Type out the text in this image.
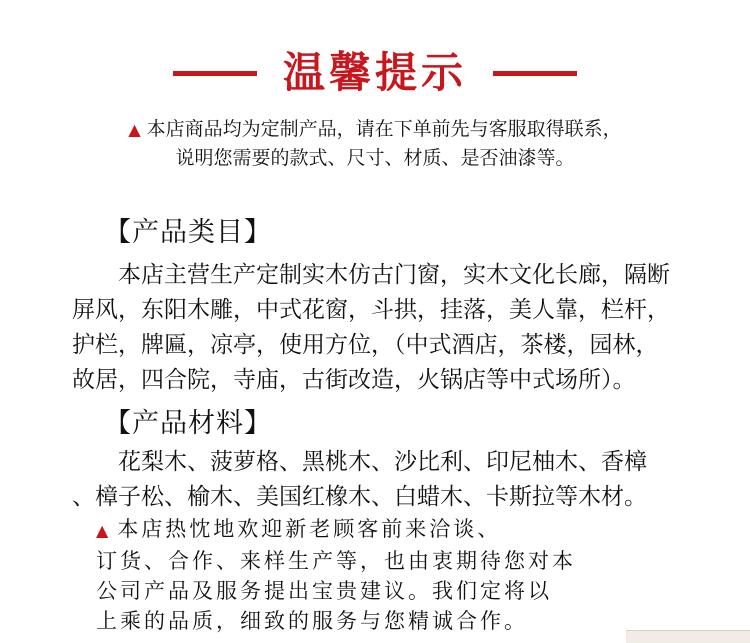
温馨提示
▲ 本店商品均为定制产品，请在下单前先与客服取得联系，
说明您需要的款式、尺寸、材质、是否油漆等。
【产品类目】
本店主营生产定制实木仿古门窗，实木文化长廊，隔断
屏风，东阳木雕，中式花窗，斗拱，挂落，美人靠，栏杆，
护栏，牌匾，凉亭，使用方位，（中式酒店，茶楼，园林，
故居，四合院，寺庙，古街改造，火锅店等中式场所）。
【产品材料】
花梨木、菠萝格、黑桃木、沙比利、印尼柚木、香樟
、樟子松、榆木、美国红橡木、白蜡木、卡斯拉等木材。
▲ 本店热忱地欢迎新老顾客前来洽谈、
订货、合作、来样生产等，也由衷期待您对本
公司产品及服务提出宝贵建议。我们定将以
上乘的品质，细致的服务与您精诚合作。
